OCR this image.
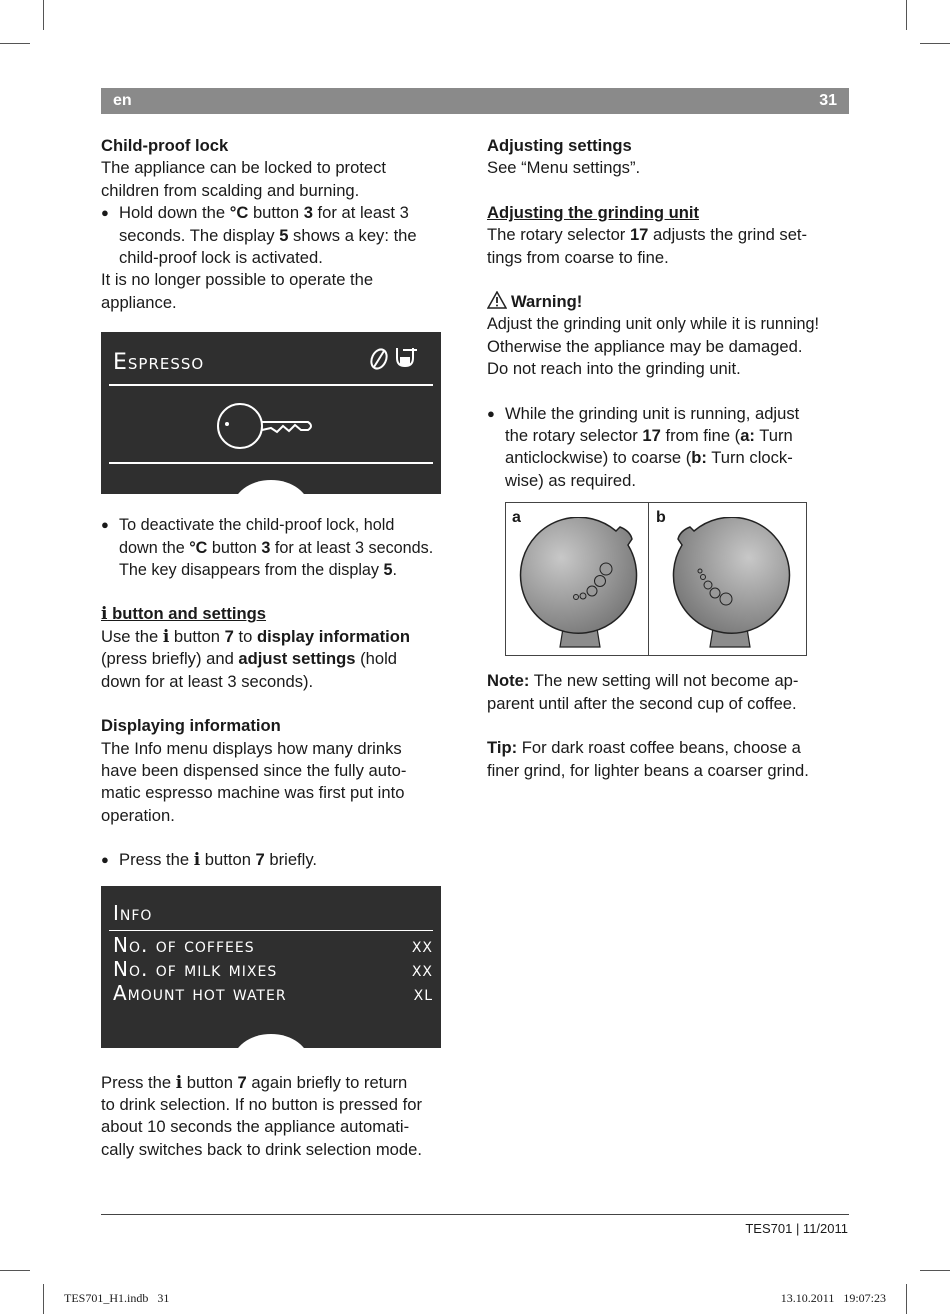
en	31

Child-proof lock

The appliance can be locked to protect

children from scalding and burning.

● Hold down the °C button 3 for at least 3

seconds. The display 5 shows a key: the

child-proof lock is activated.

It is no longer possible to operate the

appliance.

Espresso
● To deactivate the child-proof lock, hold

down the °C button 3 for at least 3 seconds.

The key disappears from the display 5.

i button and settings

Use the i button 7 to display information

(press briefly) and adjust settings (hold

down for at least 3 seconds).

Displaying information

The Info menu displays how many drinks

have been dispensed since the fully auto-

matic espresso machine was first put into

operation.

● Press the i button 7 briefly.

Info
No. of coffees	xx
No. of milk mixes	xx
Amount hot water	xl

Press the i button 7 again briefly to return

to drink selection. If no button is pressed for

about 10 seconds the appliance automati-

cally switches back to drink selection mode.

Adjusting settings

See “Menu settings”.

Adjusting the grinding unit

The rotary selector 17 adjusts the grind set-

tings from coarse to fine.

Warning!

Adjust the grinding unit only while it is running!

Otherwise the appliance may be damaged.

Do not reach into the grinding unit.

● While the grinding unit is running, adjust

the rotary selector 17 from fine (a: Turn

anticlockwise) to coarse (b: Turn clock-

wise) as required.

a	b

Note: The new setting will not become ap-

parent until after the second cup of coffee.

Tip: For dark roast coffee beans, choose a

finer grind, for lighter beans a coarser grind.

TES701 | 11/2011
TES701_H1.indb   31	13.10.2011   19:07:23
